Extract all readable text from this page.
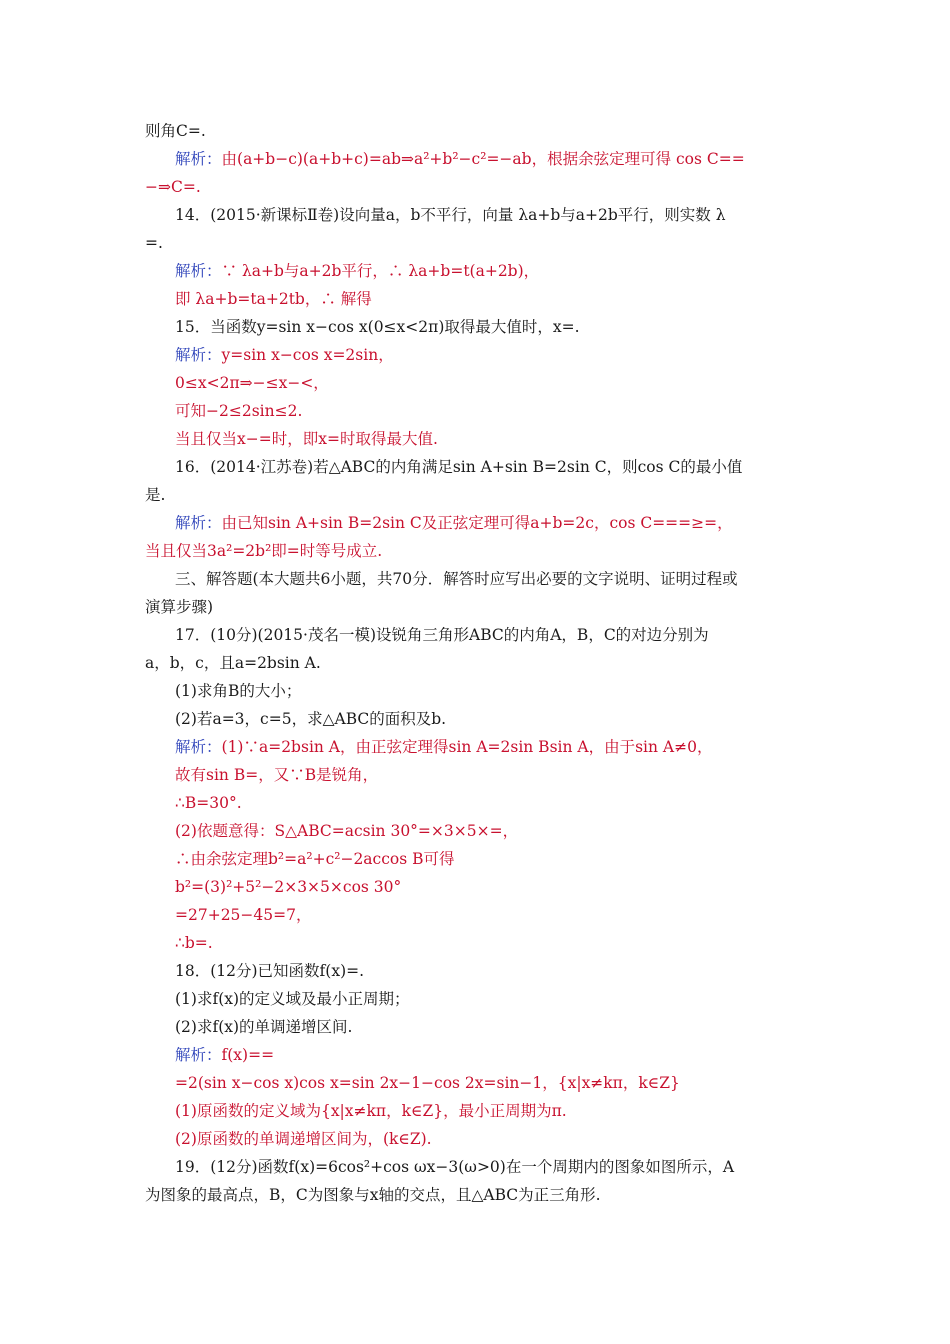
则角C=.
解析：由(a+b−c)(a+b+c)=ab⇒a²+b²−c²=−ab，根据余弦定理可得 cos C==
−⇒C=.
14．(2015·新课标Ⅱ卷)设向量a，b不平行，向量 λa+b与a+2b平行，则实数 λ
=.
解析：∵ λa+b与a+2b平行，∴ λa+b=t(a+2b)，
即 λa+b=ta+2tb，∴ 解得
15．当函数y=sin x−cos x(0≤x<2π)取得最大值时，x=.
解析：y=sin x−cos x=2sin，
0≤x<2π⇒−≤x−<，
可知−2≤2sin≤2.
当且仅当x−=时，即x=时取得最大值.
16．(2014·江苏卷)若△ABC的内角满足sin A+sin B=2sin C，则cos C的最小值
是.
解析：由已知sin A+sin B=2sin C及正弦定理可得a+b=2c，cos C===≥=，
当且仅当3a²=2b²即=时等号成立.
三、解答题(本大题共6小题，共70分．解答时应写出必要的文字说明、证明过程或
演算步骤)
17．(10分)(2015·茂名一模)设锐角三角形ABC的内角A，B，C的对边分别为
a，b，c，且a=2bsin A.
(1)求角B的大小；
(2)若a=3，c=5，求△ABC的面积及b.
解析：(1)∵a=2bsin A，由正弦定理得sin A=2sin Bsin A，由于sin A≠0，
故有sin B=，又∵B是锐角，
∴B=30°.
(2)依题意得：S△ABC=acsin 30°=×3×5×=，
∴由余弦定理b²=a²+c²−2accos B可得
b²=(3)²+5²−2×3×5×cos 30°
=27+25−45=7，
∴b=.
18．(12分)已知函数f(x)=.
(1)求f(x)的定义域及最小正周期；
(2)求f(x)的单调递增区间.
解析：f(x)==
=2(sin x−cos x)cos x=sin 2x−1−cos 2x=sin−1，{x|x≠kπ，k∈Z}
(1)原函数的定义域为{x|x≠kπ，k∈Z}，最小正周期为π.
(2)原函数的单调递增区间为，(k∈Z).
19．(12分)函数f(x)=6cos²+cos ωx−3(ω>0)在一个周期内的图象如图所示，A
为图象的最高点，B，C为图象与x轴的交点，且△ABC为正三角形.
